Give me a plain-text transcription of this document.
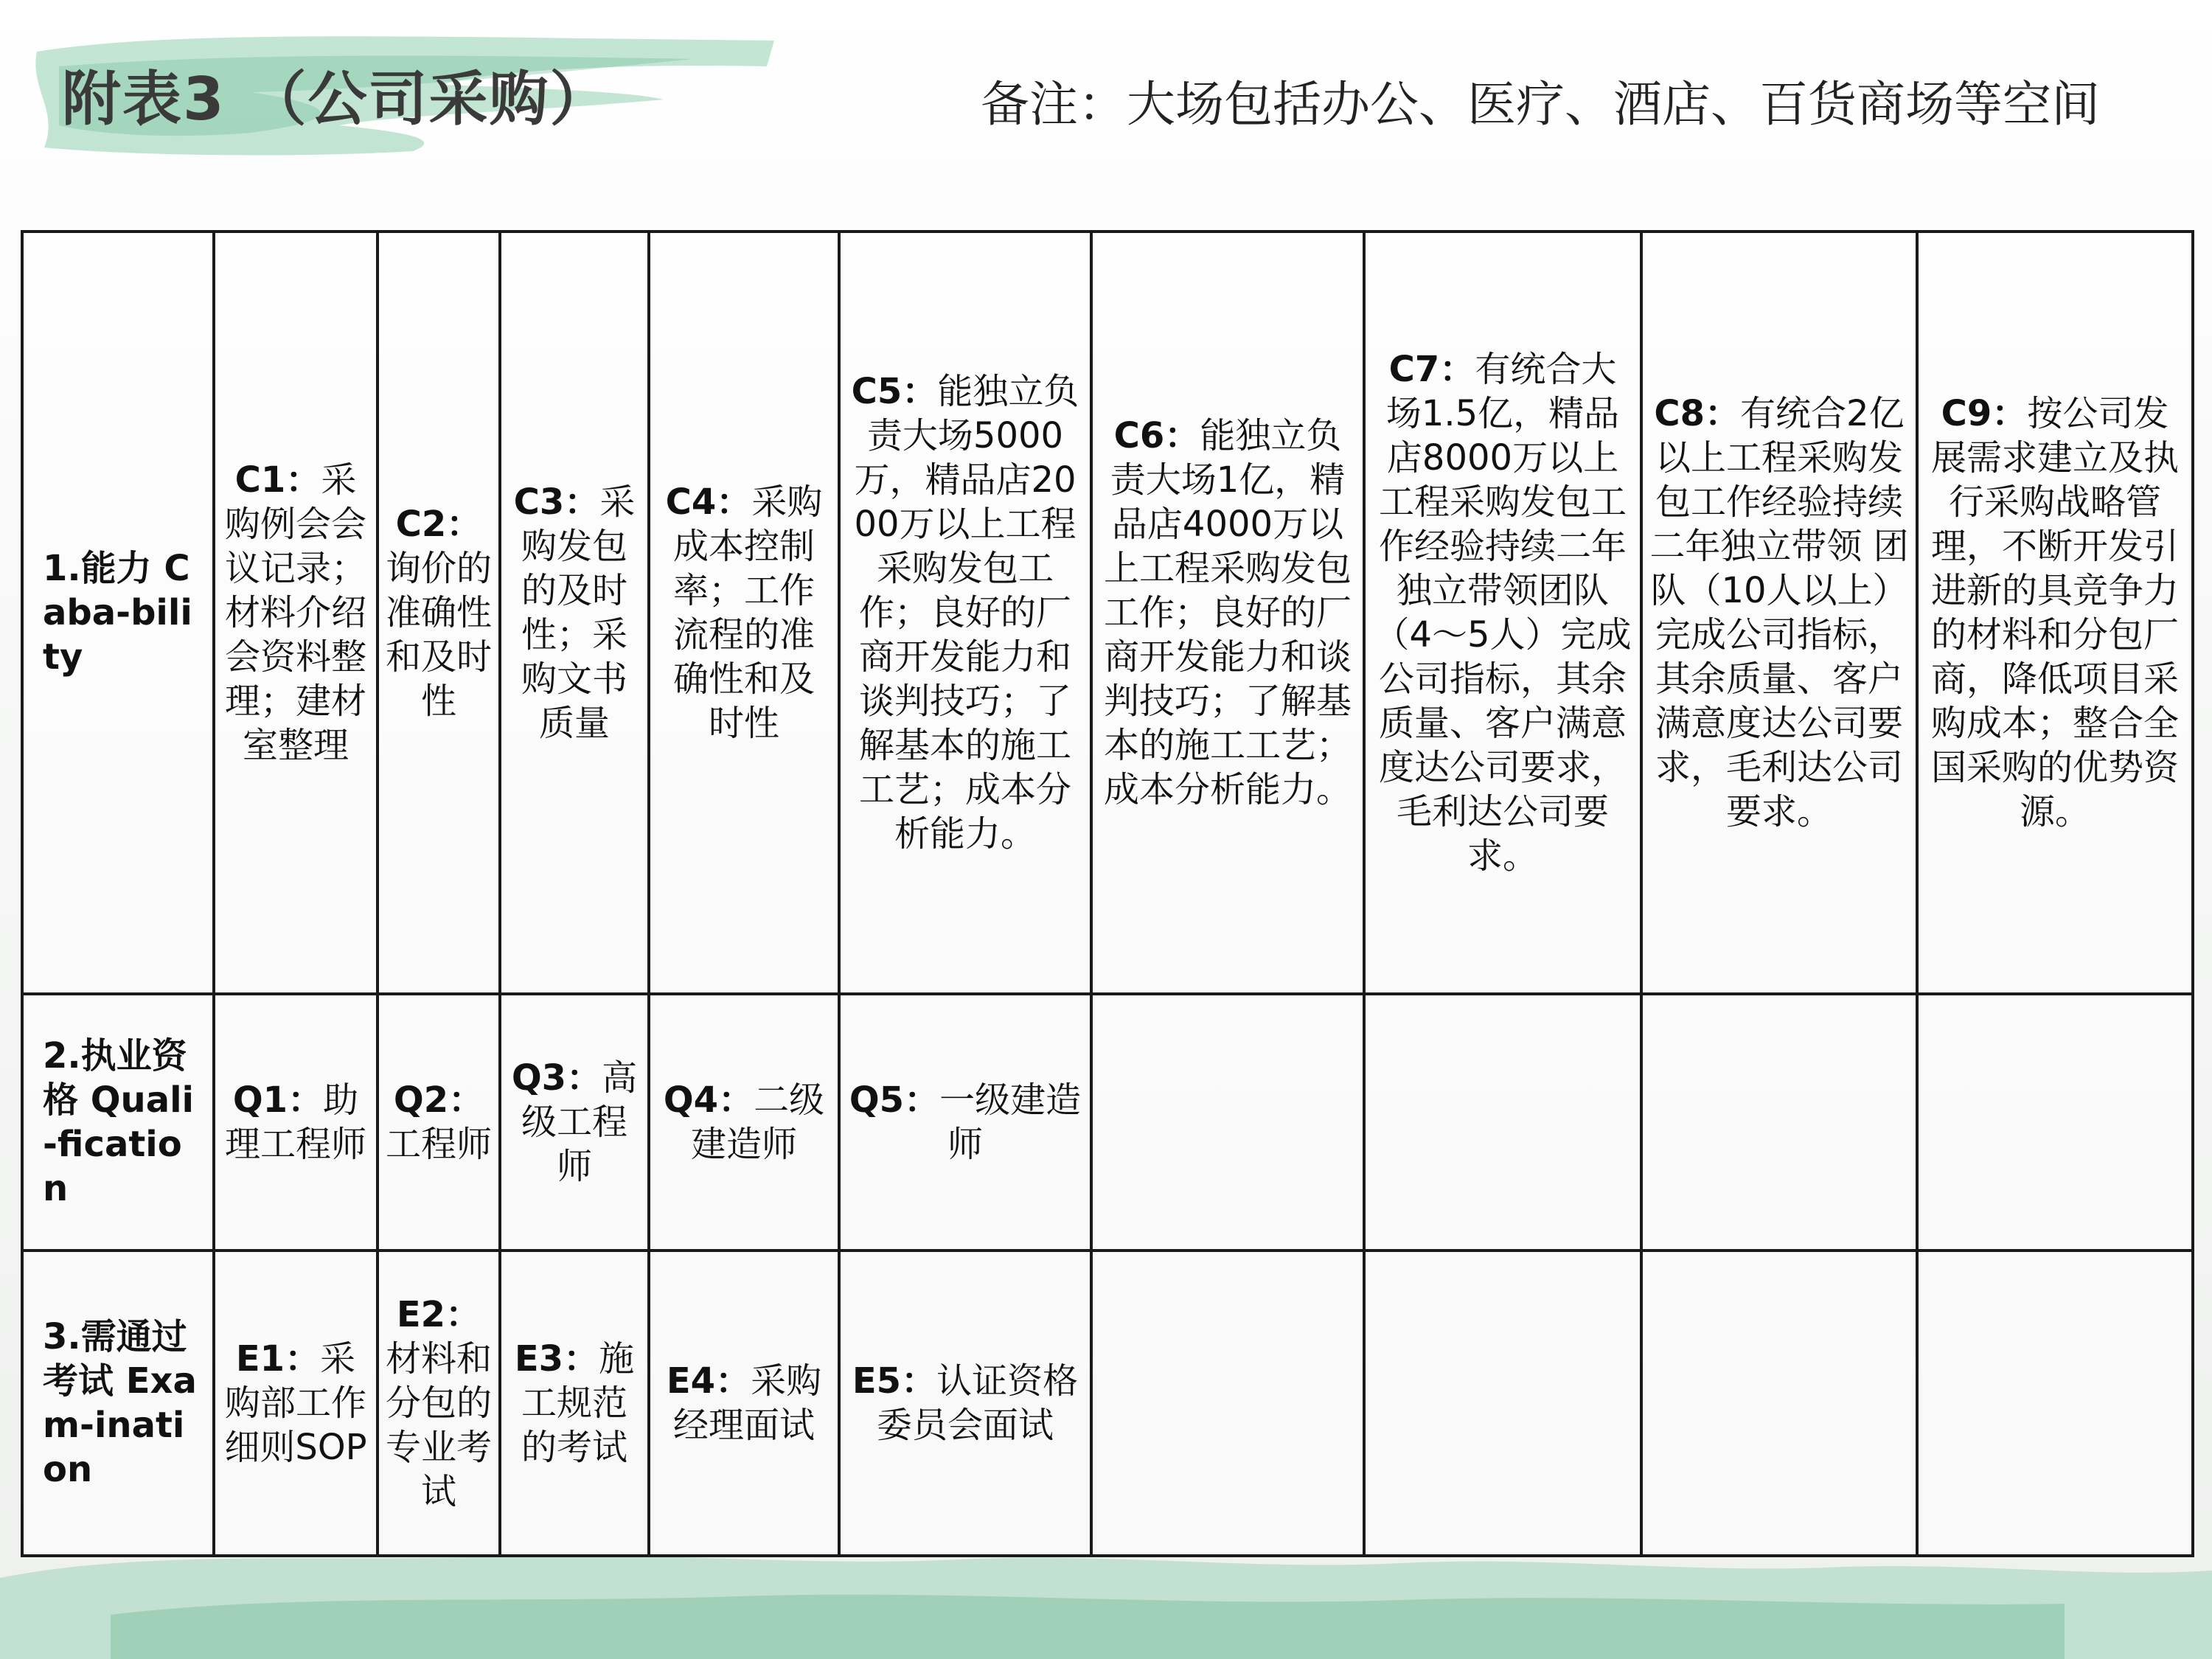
附表3 （公司采购）	备注：大场包括办公、医疗、酒店、百货商场等空间
1.能力 Caba-bility	C1：采购例会会议记录；材料介绍会资料整理；建材室整理	C2：询价的准确性和及时性	C3：采购发包的及时性；采购文书质量	C4：采购成本控制率；工作流程的准确性和及时性	C5：能独立负责大场5000万，精品店2000万以上工程采购发包工作；良好的厂商开发能力和谈判技巧；了解基本的施工工艺；成本分析能力。	C6：能独立负责大场1亿，精品店4000万以上工程采购发包工作；良好的厂商开发能力和谈判技巧；了解基本的施工工艺；成本分析能力。	C7：有统合大场1.5亿，精品店8000万以上工程采购发包工作经验持续二年独立带领团队（4～5人）完成公司指标，其余质量、客户满意度达公司要求，毛利达公司要求。	C8：有统合2亿以上工程采购发包工作经验持续二年独立带领 团队（10人以上）完成公司指标，其余质量、客户满意度达公司要求，毛利达公司要求。	C9：按公司发展需求建立及执行采购战略管理，不断开发引进新的具竞争力的材料和分包厂商，降低项目采购成本；整合全国采购的优势资源。
2.执业资格 Quali-fication	Q1：助理工程师	Q2：工程师	Q3：高级工程师	Q4：二级建造师	Q5：一级建造师				
3.需通过考试 Exam-ination	E1：采购部工作细则SOP	E2：材料和分包的专业考试	E3：施工规范的考试	E4：采购经理面试	E5：认证资格委员会面试				
